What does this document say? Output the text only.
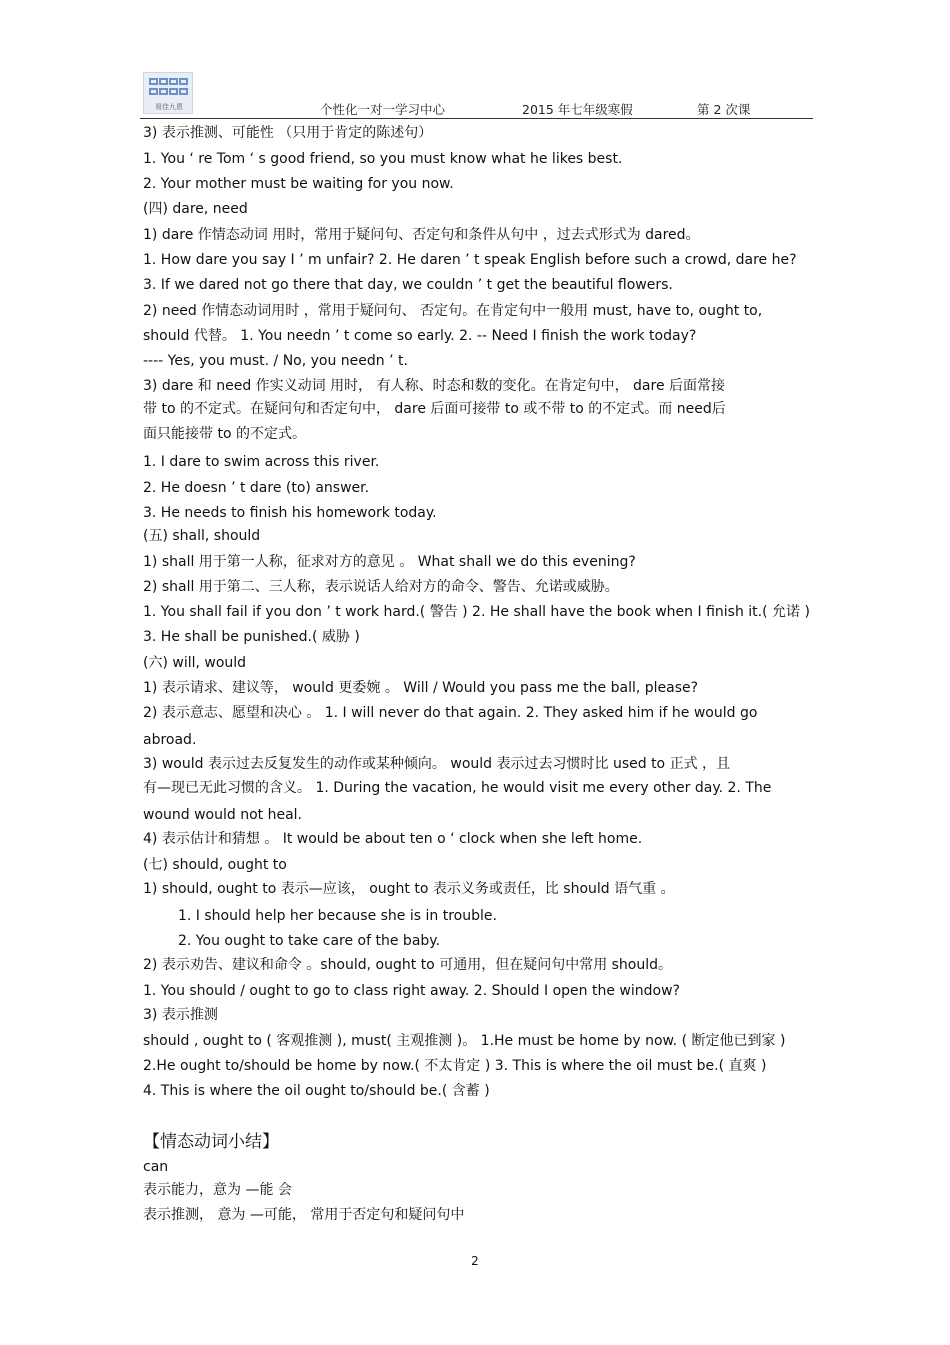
易佳九恩	个性化一对一学习中心	2015 年七年级寒假	第 2 次课
3) 表示推测、可能性 （只用于肯定的陈述句）
1. You ‘ re Tom ‘ s good friend, so you must know what he likes best.
2. Your mother must be waiting for you now.
(四) dare, need
1) dare 作情态动词 用时，常用于疑问句、否定句和条件从句中 ，过去式形式为 dared。
1. How dare you say I ’ m unfair? 2. He daren ’ t speak English before such a crowd, dare he?
3. If we dared not go there that day, we couldn ’ t get the beautiful flowers.
2) need 作情态动词用时 ，常用于疑问句、 否定句。在肯定句中一般用 must, have to, ought to,
should 代替。 1. You needn ’ t come so early. 2. -- Need I finish the work today?
---- Yes, you must. / No, you needn ’ t.
3) dare 和 need 作实义动词 用时， 有人称、时态和数的变化。在肯定句中， dare 后面常接
带 to 的不定式。在疑问句和否定句中， dare 后面可接带 to 或不带 to 的不定式。而 need后
面只能接带 to 的不定式。
1. I dare to swim across this river.
2. He doesn ’ t dare (to) answer.
3. He needs to finish his homework today.
(五) shall, should
1) shall 用于第一人称，征求对方的意见 。 What shall we do this evening?
2) shall 用于第二、三人称，表示说话人给对方的命令、警告、允诺或威胁。
1. You shall fail if you don ’ t work hard.( 警告 ) 2. He shall have the book when I finish it.( 允诺 )
3. He shall be punished.( 威胁 )
(六) will, would
1) 表示请求、建议等， would 更委婉 。 Will / Would you pass me the ball, please?
2) 表示意志、愿望和决心 。 1. I will never do that again. 2. They asked him if he would go
abroad.
3) would 表示过去反复发生的动作或某种倾向。 would 表示过去习惯时比 used to 正式 ，且
有—现已无此习惯的含义。 1. During the vacation, he would visit me every other day. 2. The
wound would not heal.
4) 表示估计和猜想 。 It would be about ten o ‘ clock when she left home.
(七) should, ought to
1) should, ought to 表示—应该， ought to 表示义务或责任，比 should 语气重 。
1. I should help her because she is in trouble.
2. You ought to take care of the baby.
2) 表示劝告、建议和命令 。should, ought to 可通用，但在疑问句中常用 should。
1. You should / ought to go to class right away. 2. Should I open the window?
3) 表示推测
should , ought to ( 客观推测 ), must( 主观推测 )。 1.He must be home by now. ( 断定他已到家 )
2.He ought to/should be home by now.( 不太肯定 ) 3. This is where the oil must be.( 直爽 )
4. This is where the oil ought to/should be.( 含蓄 )
【情态动词小结】
can
表示能力，意为 —能 会
表示推测， 意为 —可能， 常用于否定句和疑问句中
2
